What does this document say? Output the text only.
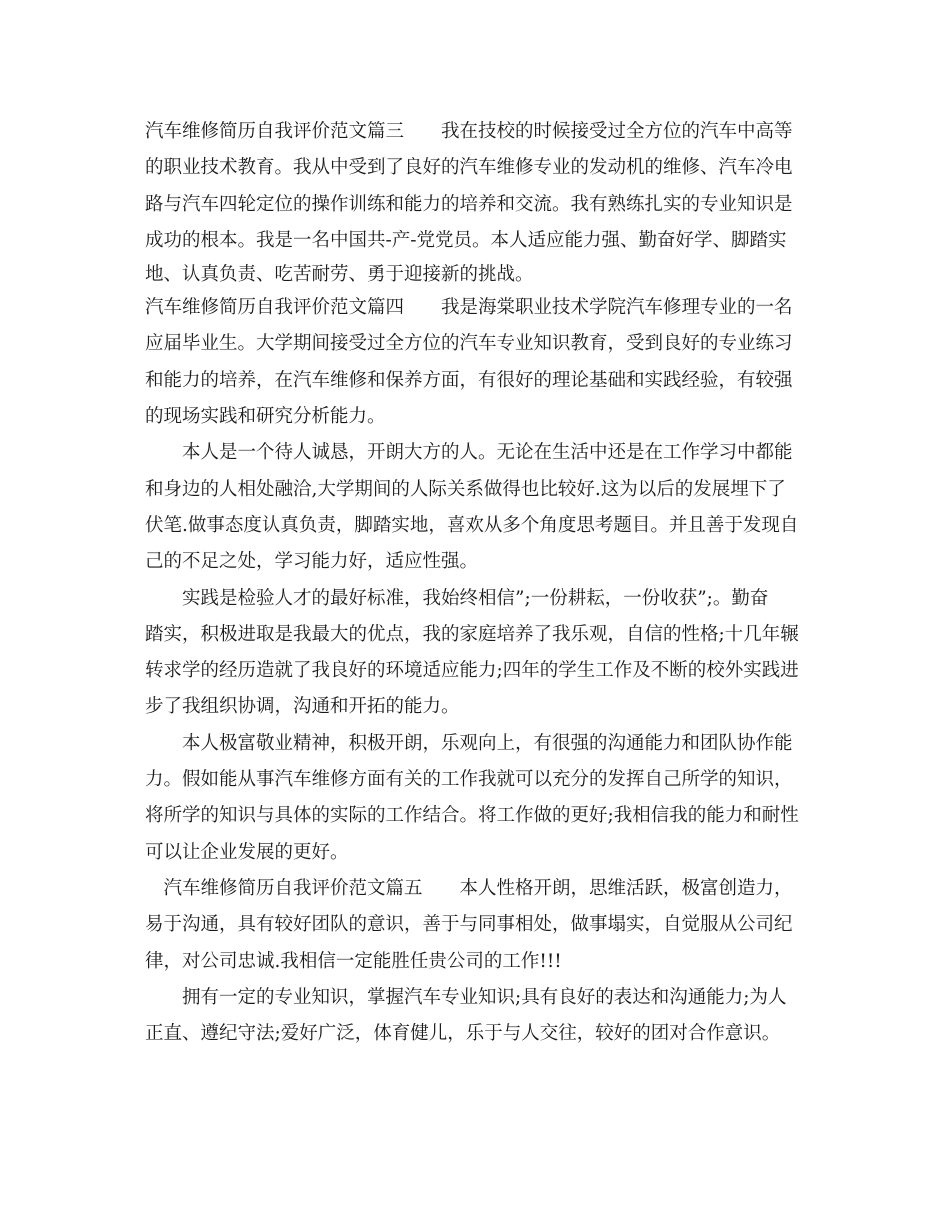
汽车维修简历自我评价范文篇三　　我在技校的时候接受过全方位的汽车中高等
的职业技术教育。我从中受到了良好的汽车维修专业的发动机的维修、汽车冷电
路与汽车四轮定位的操作训练和能力的培养和交流。我有熟练扎实的专业知识是
成功的根本。我是一名中国共-产-党党员。本人适应能力强、勤奋好学、脚踏实
地、认真负责、吃苦耐劳、勇于迎接新的挑战。
汽车维修简历自我评价范文篇四　　我是海棠职业技术学院汽车修理专业的一名
应届毕业生。大学期间接受过全方位的汽车专业知识教育，受到良好的专业练习
和能力的培养，在汽车维修和保养方面，有很好的理论基础和实践经验，有较强
的现场实践和研究分析能力。
　　本人是一个待人诚恳，开朗大方的人。无论在生活中还是在工作学习中都能
和身边的人相处融洽,大学期间的人际关系做得也比较好.这为以后的发展埋下了
伏笔.做事态度认真负责，脚踏实地，喜欢从多个角度思考题目。并且善于发现自
己的不足之处，学习能力好，适应性强。
　　实践是检验人才的最好标准，我始终相信”;一份耕耘，一份收获”;。勤奋
踏实，积极进取是我最大的优点，我的家庭培养了我乐观，自信的性格;十几年辗
转求学的经历造就了我良好的环境适应能力;四年的学生工作及不断的校外实践进
步了我组织协调，沟通和开拓的能力。
　　本人极富敬业精神，积极开朗，乐观向上，有很强的沟通能力和团队协作能
力。假如能从事汽车维修方面有关的工作我就可以充分的发挥自己所学的知识，
将所学的知识与具体的实际的工作结合。将工作做的更好;我相信我的能力和耐性
可以让企业发展的更好。
　汽车维修简历自我评价范文篇五　　本人性格开朗，思维活跃，极富创造力，
易于沟通，具有较好团队的意识，善于与同事相处，做事塌实，自觉服从公司纪
律，对公司忠诚.我相信一定能胜任贵公司的工作!!!
　　拥有一定的专业知识，掌握汽车专业知识;具有良好的表达和沟通能力;为人
正直、遵纪守法;爱好广泛，体育健儿，乐于与人交往，较好的团对合作意识。
